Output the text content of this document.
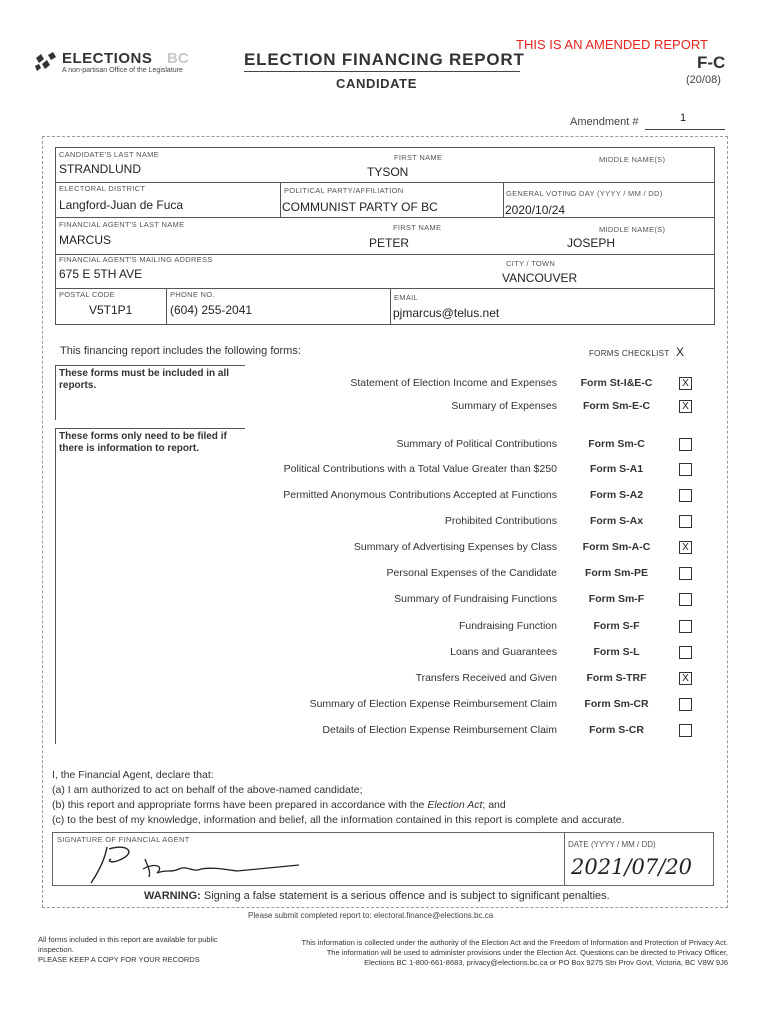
ELECTIONS BC
A non-partisan Office of the Legislature
ELECTION FINANCING REPORT
CANDIDATE
THIS IS AN AMENDED REPORT
F-C
(20/08)
Amendment #	1
CANDIDATE'S LAST NAME
STRANDLUND
FIRST NAME
TYSON
MIDDLE NAME(S)
ELECTORAL DISTRICT
Langford-Juan de Fuca
POLITICAL PARTY/AFFILIATION
COMMUNIST PARTY OF BC
GENERAL VOTING DAY (YYYY / MM / DD)
2020/10/24
FINANCIAL AGENT'S LAST NAME
MARCUS
FIRST NAME
PETER
MIDDLE NAME(S)
JOSEPH
FINANCIAL AGENT'S MAILING ADDRESS
675 E 5TH AVE
CITY / TOWN
VANCOUVER
POSTAL CODE
V5T1P1
PHONE NO.
(604) 255-2041
EMAIL
pjmarcus@telus.net
This financing report includes the following forms:	FORMS CHECKLIST X
These forms must be included in all reports.
These forms only need to be filed if there is information to report.
Statement of Election Income and Expenses	Form St-I&E-C	X
Summary of Expenses	Form Sm-E-C	X
Summary of Political Contributions	Form Sm-C
Political Contributions with a Total Value Greater than $250	Form S-A1
Permitted Anonymous Contributions Accepted at Functions	Form S-A2
Prohibited Contributions	Form S-Ax
Summary of Advertising Expenses by Class	Form Sm-A-C	X
Personal Expenses of the Candidate	Form Sm-PE
Summary of Fundraising Functions	Form Sm-F
Fundraising Function	Form S-F
Loans and Guarantees	Form S-L
Transfers Received and Given	Form S-TRF	X
Summary of Election Expense Reimbursement Claim	Form Sm-CR
Details of Election Expense Reimbursement Claim	Form S-CR
I, the Financial Agent, declare that:
(a) I am authorized to act on behalf of the above-named candidate;
(b) this report and appropriate forms have been prepared in accordance with the Election Act; and
(c) to the best of my knowledge, information and belief, all the information contained in this report is complete and accurate.
SIGNATURE OF FINANCIAL AGENT
DATE (YYYY / MM / DD)
2021/07/20
WARNING: Signing a false statement is a serious offence and is subject to significant penalties.
Please submit completed report to: electoral.finance@elections.bc.ca
All forms included in this report are available for public inspection.
PLEASE KEEP A COPY FOR YOUR RECORDS
This information is collected under the authority of the Election Act and the Freedom of Information and Protection of Privacy Act.
The information will be used to administer provisions under the Election Act. Questions can be directed to Privacy Officer,
Elections BC 1-800-661-8683, privacy@elections.bc.ca or PO Box 9275 Stn Prov Govt, Victoria, BC V8W 9J6
